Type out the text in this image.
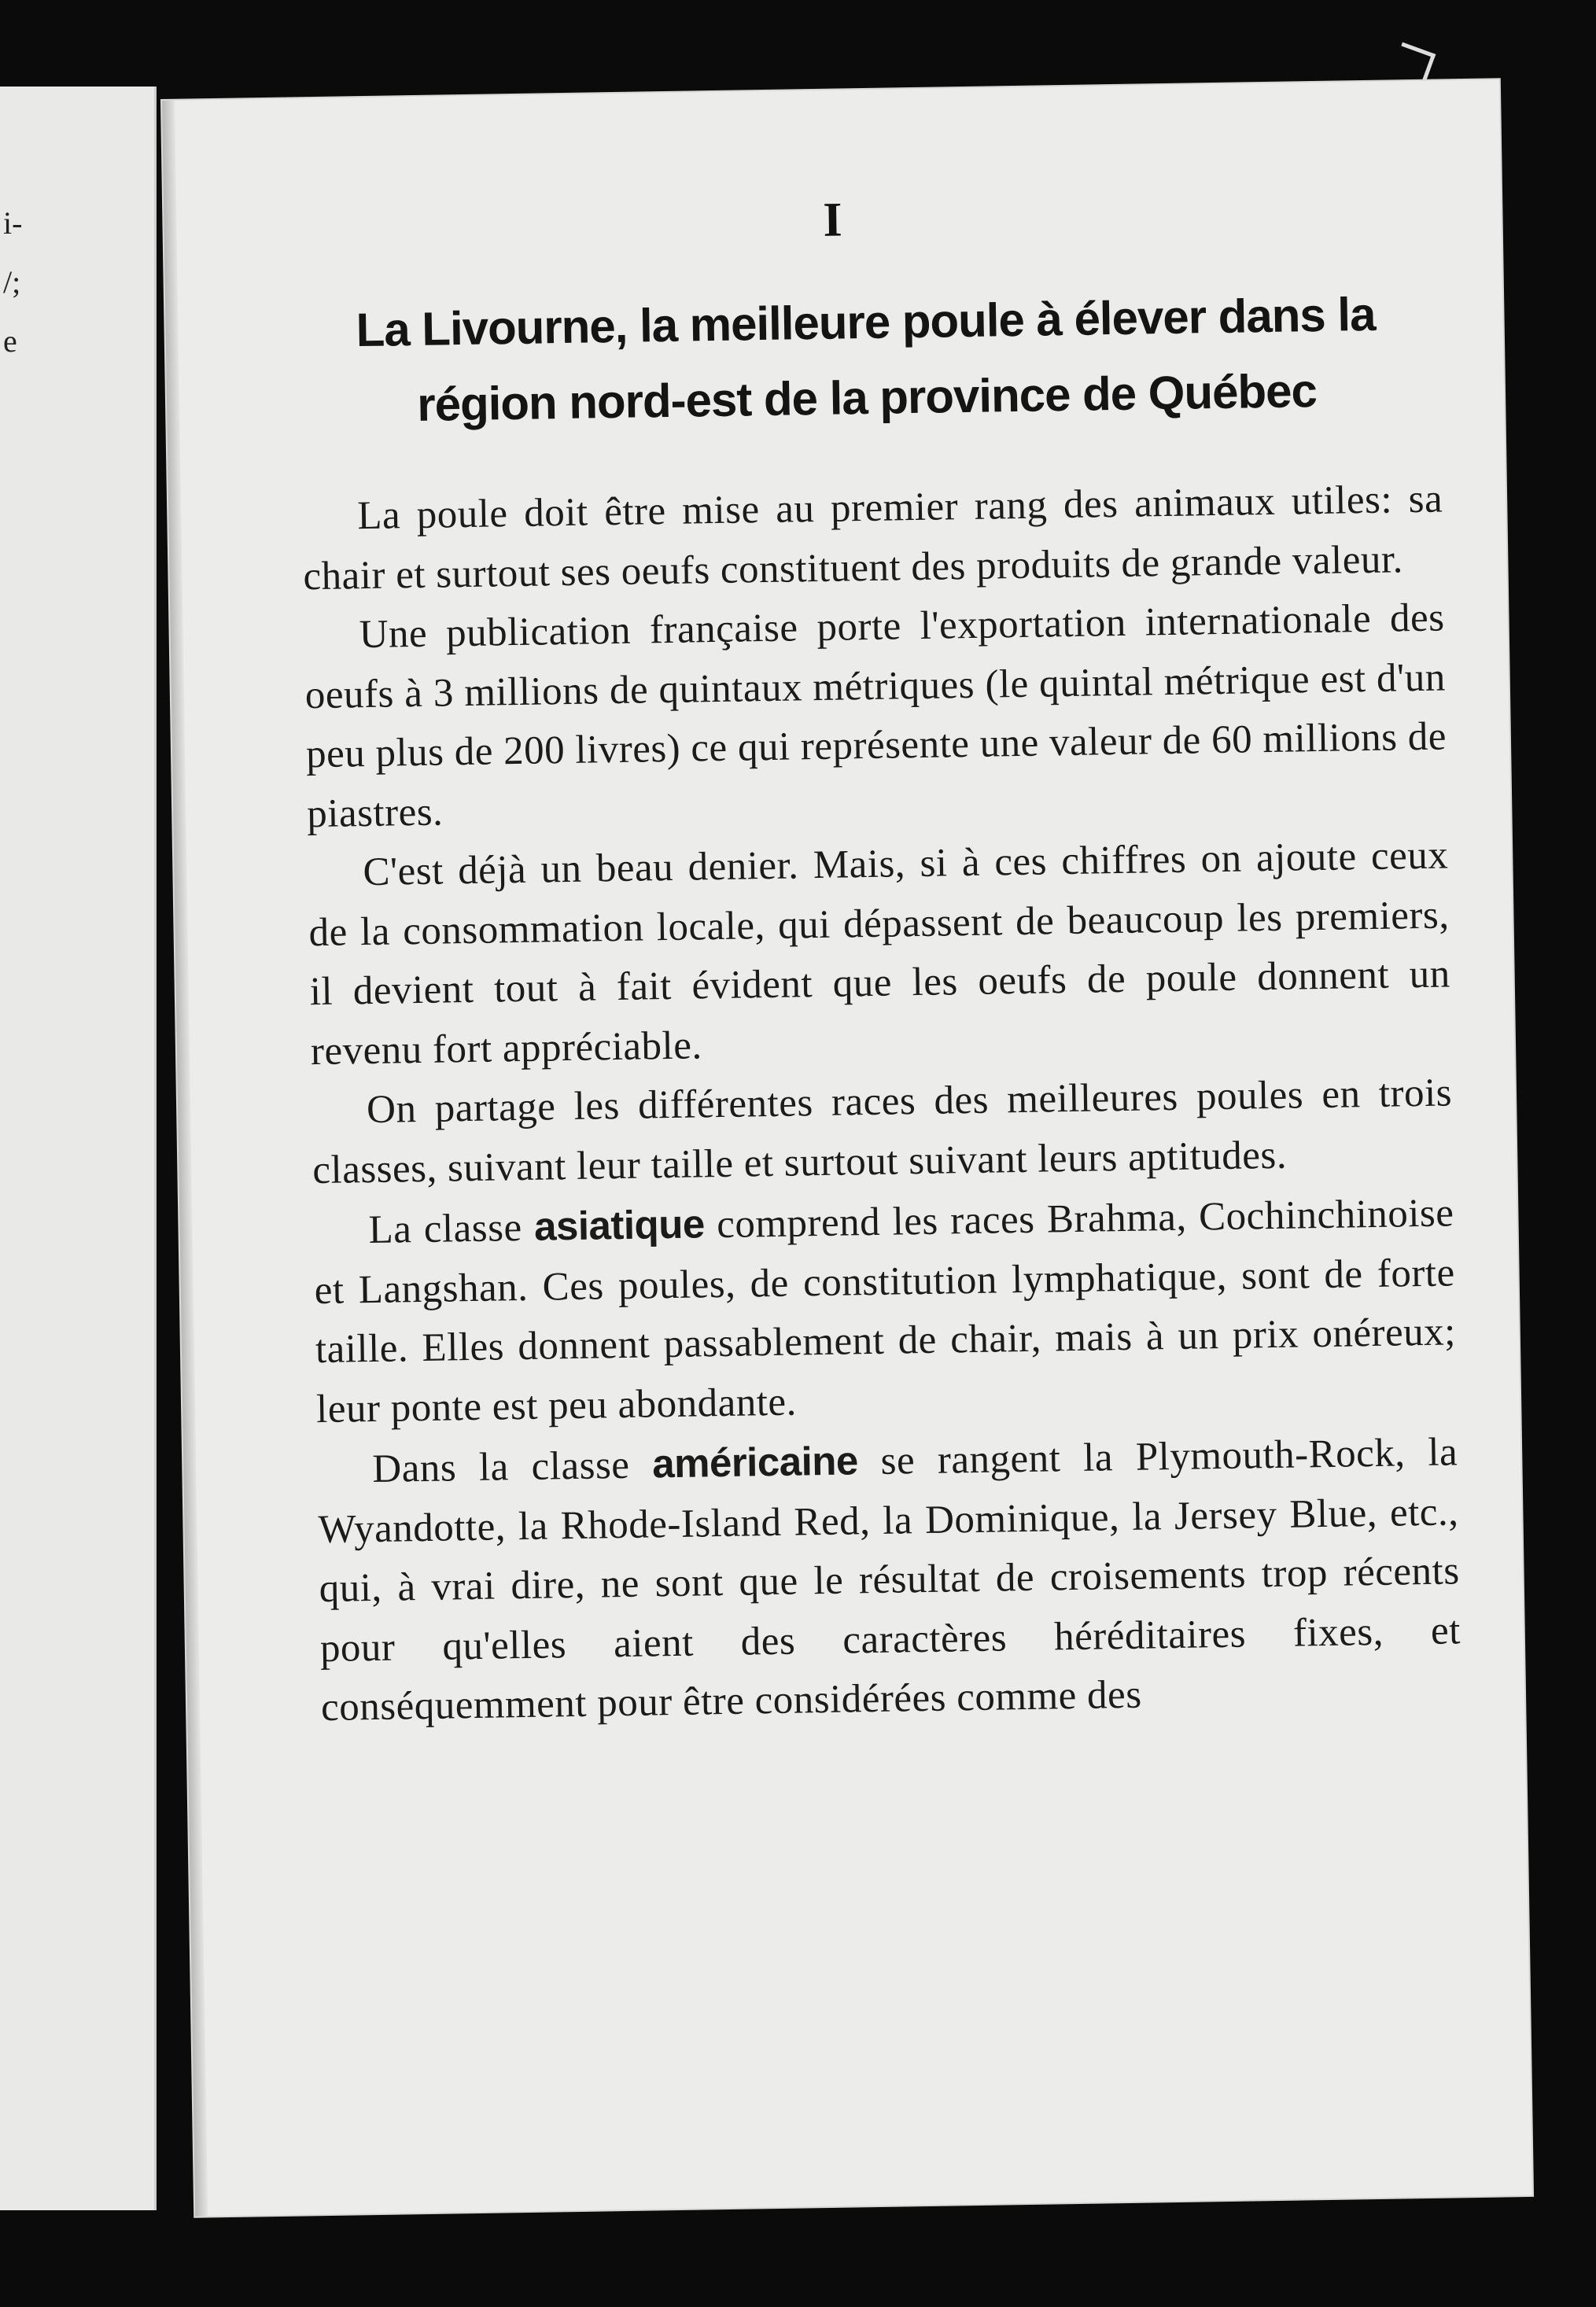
i-
/;
e
I
La Livourne, la meilleure poule à élever dans la région nord-est de la province de Québec

La poule doit être mise au premier rang des animaux utiles: sa chair et surtout ses oeufs constituent des produits de grande valeur.

Une publication française porte l'exportation internationale des oeufs à 3 millions de quintaux métriques (le quintal métrique est d'un peu plus de 200 livres) ce qui représente une valeur de 60 millions de piastres.

C'est déjà un beau denier. Mais, si à ces chiffres on ajoute ceux de la consommation locale, qui dépassent de beaucoup les premiers, il devient tout à fait évident que les oeufs de poule donnent un revenu fort appréciable.

On partage les différentes races des meilleures poules en trois classes, suivant leur taille et surtout suivant leurs aptitudes.

La classe asiatique comprend les races Brahma, Cochinchinoise et Langshan. Ces poules, de constitution lymphatique, sont de forte taille. Elles donnent passablement de chair, mais à un prix onéreux; leur ponte est peu abondante.

Dans la classe américaine se rangent la Plymouth-Rock, la Wyandotte, la Rhode-Island Red, la Dominique, la Jersey Blue, etc., qui, à vrai dire, ne sont que le résultat de croisements trop récents pour qu'elles aient des caractères héréditaires fixes, et conséquemment pour être considérées comme des
